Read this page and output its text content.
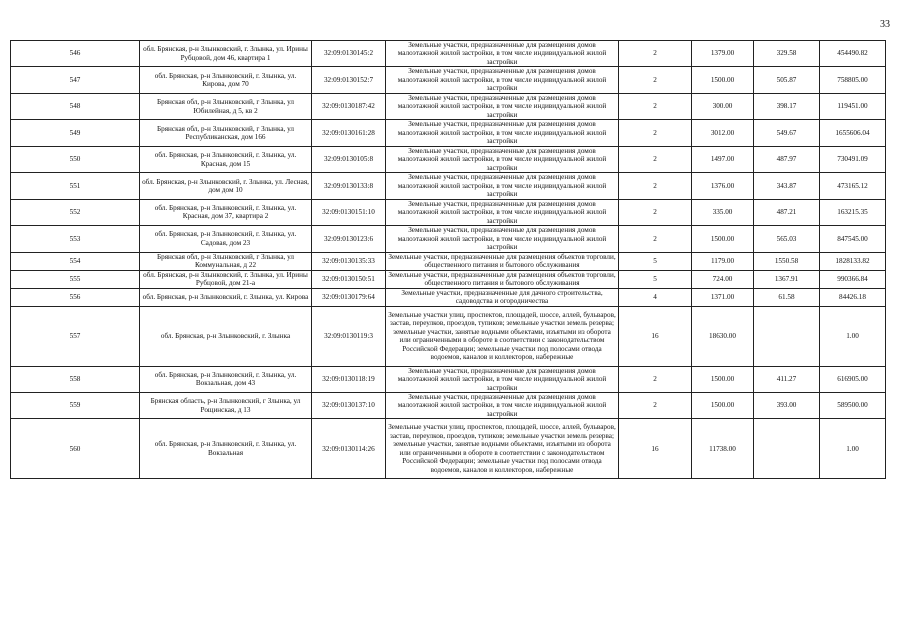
33
546	обл. Брянская, р-н Злынковский, г. Злынка, ул. Ирины Рубцовой, дом 46, квартира 1	32:09:0130145:2	Земельные участки, предназначенные для размещения домов малоэтажной жилой застройки, в том числе индивидуальной жилой застройки	2	1379.00	329.58	454490.82
547	обл. Брянская, р-н Злынковский, г. Злынка, ул. Кирова, дом 70	32:09:0130152:7	Земельные участки, предназначенные для размещения домов малоэтажной жилой застройки, в том числе индивидуальной жилой застройки	2	1500.00	505.87	758805.00
548	Брянская обл, р-н Злынковский, г Злынка, ул Юбилейная, д 5, кв 2	32:09:0130187:42	Земельные участки, предназначенные для размещения домов малоэтажной жилой застройки, в том числе индивидуальной жилой застройки	2	300.00	398.17	119451.00
549	Брянская обл, р-н Злынковский, г Злынка, ул Республиканская, дом 166	32:09:0130161:28	Земельные участки, предназначенные для размещения домов малоэтажной жилой застройки, в том числе индивидуальной жилой застройки	2	3012.00	549.67	1655606.04
550	обл. Брянская, р-н Злынковский, г. Злынка, ул. Красная, дом 15	32:09:0130105:8	Земельные участки, предназначенные для размещения домов малоэтажной жилой застройки, в том числе индивидуальной жилой застройки	2	1497.00	487.97	730491.09
551	обл. Брянская, р-н Злынковский, г. Злынка, ул. Лесная, дом дом 10	32:09:0130133:8	Земельные участки, предназначенные для размещения домов малоэтажной жилой застройки, в том числе индивидуальной жилой застройки	2	1376.00	343.87	473165.12
552	обл. Брянская, р-н Злынковский, г. Злынка, ул. Красная, дом 37, квартира 2	32:09:0130151:10	Земельные участки, предназначенные для размещения домов малоэтажной жилой застройки, в том числе индивидуальной жилой застройки	2	335.00	487.21	163215.35
553	обл. Брянская, р-н Злынковский, г. Злынка, ул. Садовая, дом 23	32:09:0130123:6	Земельные участки, предназначенные для размещения домов малоэтажной жилой застройки, в том числе индивидуальной жилой застройки	2	1500.00	565.03	847545.00
554	Брянская обл, р-н Злынковский, г Злынка, ул Коммунальная, д 22	32:09:0130135:33	Земельные участки, предназначенные для размещения объектов торговли, общественного питания и бытового обслуживания	5	1179.00	1550.58	1828133.82
555	обл. Брянская, р-н Злынковский, г. Злынка, ул. Ирины Рубцовой, дом 21-а	32:09:0130150:51	Земельные участки, предназначенные для размещения объектов торговли, общественного питания и бытового обслуживания	5	724.00	1367.91	990366.84
556	обл. Брянская, р-н Злынковский, г. Злынка, ул. Кирова	32:09:0130179:64	Земельные участки, предназначенные для дачного строительства, садоводства и огородничества	4	1371.00	61.58	84426.18
557	обл. Брянская, р-н Злынковский, г. Злынка	32:09:0130119:3	Земельные участки улиц, проспектов, площадей, шоссе, аллей, бульваров, застав, переулков, проездов, тупиков; земельные участки земель резерва; земельные участки, занятые водными объектами, изъятыми из оборота или ограниченными в обороте в соответствии с законодательством Российской Федерации; земельные участки под полосами отвода водоемов, каналов и коллекторов, набережные	16	18630.00		1.00
558	обл. Брянская, р-н Злынковский, г. Злынка, ул. Вокзальная, дом 43	32:09:0130118:19	Земельные участки, предназначенные для размещения домов малоэтажной жилой застройки, в том числе индивидуальной жилой застройки	2	1500.00	411.27	616905.00
559	Брянская область, р-н Злынковский, г Злынка, ул Рощинская, д 13	32:09:0130137:10	Земельные участки, предназначенные для размещения домов малоэтажной жилой застройки, в том числе индивидуальной жилой застройки	2	1500.00	393.00	589500.00
560	обл. Брянская, р-н Злынковский, г. Злынка, ул. Вокзальная	32:09:0130114:26	Земельные участки улиц, проспектов, площадей, шоссе, аллей, бульваров, застав, переулков, проездов, тупиков; земельные участки земель резерва; земельные участки, занятые водными объектами, изъятыми из оборота или ограниченными в обороте в соответствии с законодательством Российской Федерации; земельные участки под полосами отвода водоемов, каналов и коллекторов, набережные	16	11738.00		1.00
